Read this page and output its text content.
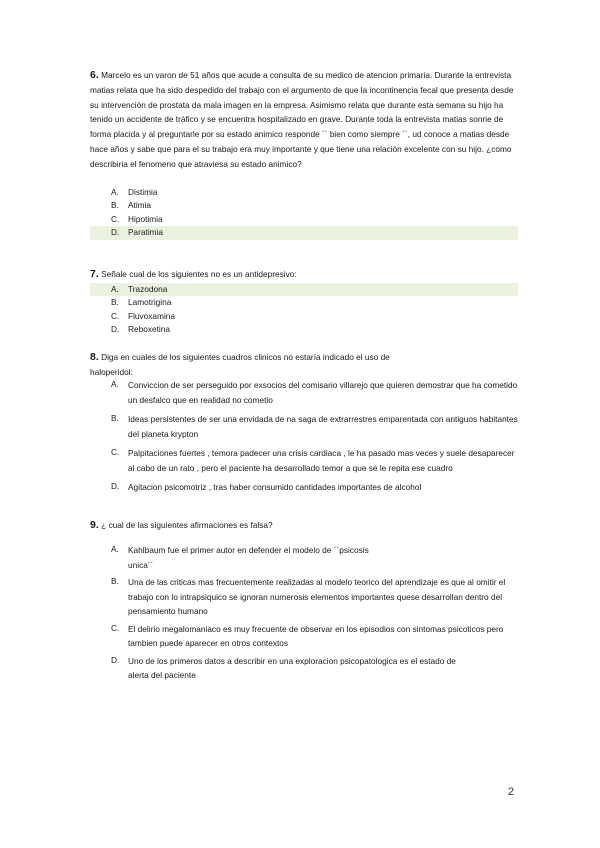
6. Marcelo es un varon de 51 años que acude a consulta de su medico de atencion primaria. Durante la entrevista matias relata que ha sido despedido del trabajo con el argumento de que la incontinencia fecal que presenta desde su intervención de prostata da mala imagen en la empresa. Asimismo relata que durante esta semana su hijo ha tenido un accidente de tráfico y se encuentra hospitalizado en grave. Durante toda la entrevista matias sonrie de forma placida y al preguntarle por su estado animico responde ´´ bien como siempre ´´, ud conoce a matias desde hace años y sabe que para el su trabajo era muy importante y que tiene una relación excelente con su hijo. ¿como describiria el fenomeno que atraviesa su estado animico?

A.	Distimia
B.	Atimia
C.	Hipotimia
D.	Paratimia

7. Señale cual de los siguientes no es un antidepresivo:

A.	Trazodona
B.	Lamotrigina
C.	Fluvoxamina
D.	Reboxetina

8. Diga en cuales de los siguientes cuadros clinicos no estaría indicado el uso de haloperidol:

A.	Conviccion de ser perseguido por exsocios del comisario villarejo que quieren demostrar que ha cometido un desfalco que en realidad no cometio
B.	Ideas persistentes de ser una envidada de na saga de extrarrestres emparentada con antiguos habitantes del planeta krypton
C.	Palpitaciones fuertes , temora padecer una crisis cardiaca , le ha pasado mas veces y suele desaparecer al cabo de un rato , pero el paciente ha desarrollado temor a que se le repita ese cuadro
D.	Agitacion psicomotriz , tras haber consumido cantidades importantes de alcohol

9. ¿ cual de las siguientes afirmaciones es falsa?

A.	Kahlbaum fue el primer autor en defender el modelo de ´´psicosis unica´´
B.	Una de las criticas mas frecuentemente realizadas al modelo teorico del aprendizaje es que al omitir el trabajo con lo intrapsiquico se ignoran numerosis elementos importantes quese desarrollan dentro del pensamiento humano
C.	El delirio megalomaniaco es muy frecuente de observar en los episodios con sintomas psicoticos pero tambien puede aparecer en otros contextos
D.	Uno de los primeros datos a describir en una exploracion psicopatologica es el estado de alerta del paciente
2
